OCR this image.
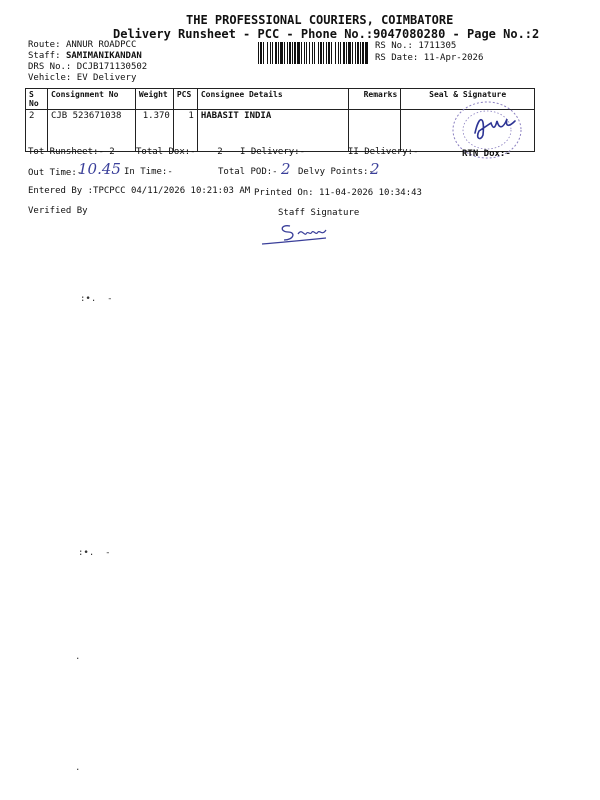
THE PROFESSIONAL COURIERS, COIMBATORE
Delivery Runsheet - PCC - Phone No.:9047080280 - Page No.:2
Route: ANNUR ROADPCC
Staff: SAMIMANIKANDAN
DRS No.: DCJB171130502
Vehicle: EV Delivery
RS No.: 1711305
RS Date: 11-Apr-2026
S No	Consignment No	Weight	PCS	Consignee Details	Remarks	Seal & Signature
2	CJB 523671038	1.370	1	HABASIT INDIA		
Tot Runsheet:- 2 Total Dox:- 2 I Delivery:-	II Delivery:-	RTN Dox:-
Out Time:-
10.45 In Time:-	Total POD:- 2 Delvy Points:-
2
Entered By :TPCPCC 04/11/2026 10:21:03 AM Printed On: 11-04-2026 10:34:43
Verified By	Staff Signature
:•.  -
:•.  -
.
.
